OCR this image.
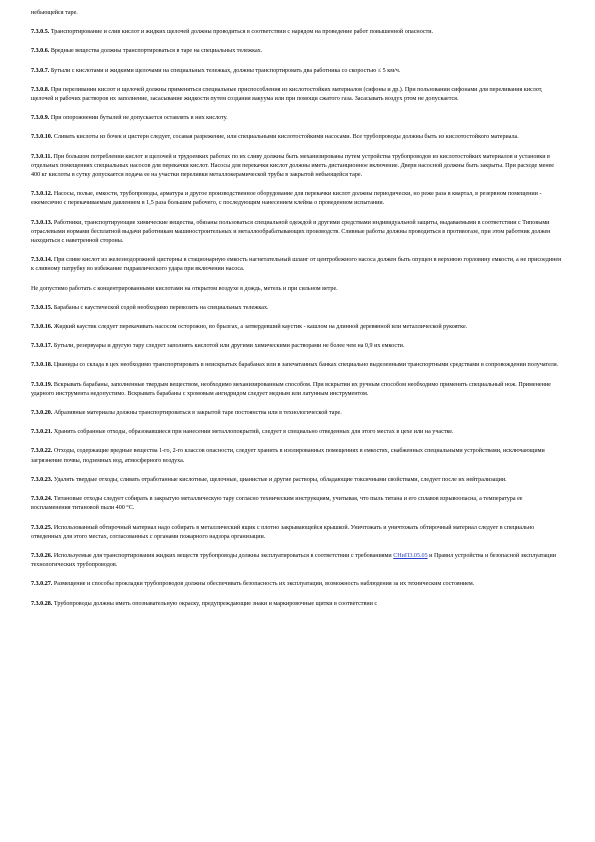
небьющейся таре.

7.3.0.5. Транспортирование и слив кислот и жидких щелочей должны проводиться в соответствии с нарядом на проведение работ повышенной опасности.

7.3.0.6. Вредные вещества должны транспортироваться в таре на специальных тележках.

7.3.0.7. Бутыли с кислотами и жидкими щелочами на специальных тележках, должны транспортировать два работника со скоростью ≤ 5 км/ч.

7.3.0.8. При переливании кислот и щелочей должны применяться специальные приспособления из кислотостойких материалов (сифоны и др.). При пользовании сифонами для переливания кислот, щелочей и рабочих растворов их заполнение, засасывание жидкости путем создания вакуума или при помощи сжатого газа. Засасывать воздух ртом не допускается.

7.3.0.9. При опорожнении бутылей не допускается оставлять в них кислоту.

7.3.0.10. Сливать кислоты из бочек и цистерн следует, сосавая разрежение, или специальными кислотостойкими насосами. Все трубопроводы должны быть из кислотостойкого материала.

7.3.0.11. При большом потреблении кислот и щелочей и трудоемких работах по их сливу должны быть механизированы путем устройства трубопроводов из кислотостойких материалов и установки в отдельных помещениях специальных насосов для перекачки кислот. Насосы для перекачки кислот должны иметь дистанционное включение. Двери насосной должны быть закрыты. При расходе менее 400 кг кислоты в сутку допускается подача ее на участки переливки металлокерамической трубы в закрытой небьющейся таре.

7.3.0.12. Насосы, полые, емкости, трубопроводы, арматура и другое производственное оборудование для перекачки кислот должны периодически, но реже раза в квартал, в резервном помещении - ежемесячно с перекачиваемым давлением в 1,5 раза большим рабочего, с последующим нанесением клейма о проведенном испытании.

7.3.0.13. Работники, транспортирующие химические вещества, обязаны пользоваться специальной одеждой и другими средствами индивидуальной защиты, выдаваемыми в соответствии с Типовыми отраслевыми нормами бесплатной выдачи работникам машиностроительных и металлообрабатывающих производств. Сливные работы должны проводиться в противогазе, при этом работник должен находиться с наветренной стороны.

7.3.0.14. При сливе кислот из железнодорожной цистерны в стационарную емкость нагнетательный шланг от центробежного насоса должен быть опущен в верхнюю горловину емкости, а не присоединен к сливному патрубку во избежание гидравлического удара при включении насоса.

Не допустимо работать с концентрированными кислотами на открытом воздухе в дождь, метель и при сильном ветре.

7.3.0.15. Барабаны с каустической содой необходимо перевозить на специальных тележках.

7.3.0.16. Жидкий каустик следует перекачивать насосом осторожно, во брызгах, а затвердевший каустик - кашлом на длинной деревянной или металлической рукоятке.

7.3.0.17. Бутыли, резервуары и другую тару следует заполнять кислотой или другими химическими растворами не более чем на 0,9 их емкости.

7.3.0.18. Цианиды со склада в цех необходимо транспортировать в неискрытых барабанах или в запечатанных банках специально выделенными транспортными средствами в сопровождении получателя.

7.3.0.19. Вскрывать барабаны, заполненные твердым веществом, необходимо механизированным способом. При вскрытии их ручным способом необходимо применять специальный нож. Применение ударного инструмента недопустимо. Вскрывать барабаны с хромовым ангидридом следует медным или латунным инструментом.

7.3.0.20. Абразивные материалы должны транспортироваться в закрытой таре постоянства или в технологической таре.

7.3.0.21. Хранить собранные отходы, образовавшиеся при нанесении металлопокрытий, следует в специально отведенных для этого местах в цехе или на участке.

7.3.0.22. Отходы, содержащие вредные вещества 1-го, 2-го классов опасности, следует хранить в изолированных помещениях в емкостях, снабженных специальными устройствами, исключающими загрязнение почвы, подземных вод, атмосферного воздуха.

7.3.0.23. Удалять твердые отходы, сливать отработанные кислотные, щелочные, цианистые и другие растворы, обладающие токсичными свойствами, следует после их нейтрализации.

7.3.0.24. Титановые отходы следует собирать в закрытую металлическую тару согласно техническим инструкциям, учитывая, что пыль титана и его сплавов взрывоопасна, а температура ее воспламенения титановой пыли 400 °С.

7.3.0.25. Использованный обтирочный материал надо собирать в металлический ящик с плотно закрывающейся крышкой. Уничтожать и уничтожать обтирочный материал следует в специально отведенных для этого местах, согласованных с органами пожарного надзора организации.

7.3.0.26. Используемые для транспортирования жидких веществ трубопроводы должны эксплуатироваться в соответствии с требованиями СНиП3.05.05 и Правил устройства и безопасной эксплуатации технологических трубопроводов.

7.3.0.27. Размещение и способы прокладки трубопроводов должны обеспечивать безопасность их эксплуатации, возможность наблюдения за их техническим состоянием.

7.3.0.28. Трубопроводы должны иметь опознавательную окраску, предупреждающие знаки и маркировочные щитки в соответствии с
